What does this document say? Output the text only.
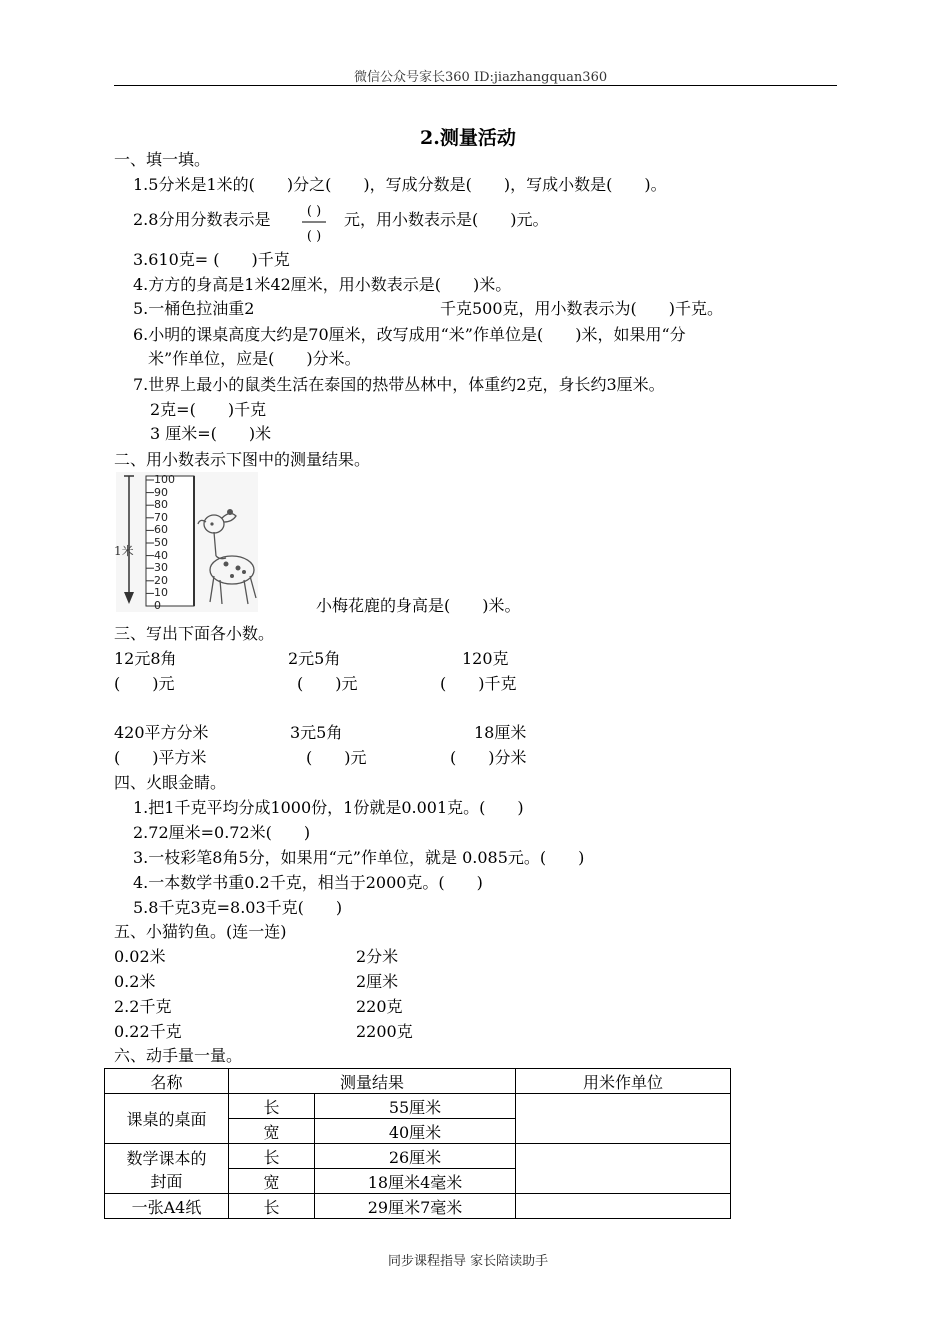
微信公众号家长360 ID:jiazhangquan360
2.测量活动
一、填一填。
1.5分米是1米的(　　)分之(　　)，写成分数是(　　)，写成小数是(　　)。
2.8分用分数表示是	( )
( )
元，用小数表示是(　　)元。
3.610克= (　　)千克
4.方方的身高是1米42厘米，用小数表示是(　　)米。
5.一桶色拉油重2	千克500克，用小数表示为(　　)千克。
6.小明的课桌高度大约是70厘米，改写成用“米”作单位是(　　)米，如果用“分
米”作单位，应是(　　)分米。
7.世界上最小的鼠类生活在泰国的热带丛林中，体重约2克，身长约3厘米。
2克=(　　)千克
3 厘米=(　　)米
二、用小数表示下图中的测量结果。
1米
100
90
80
70
60
50
40
30
20
10
0	小梅花鹿的身高是(　　)米。
三、写出下面各小数。
12元8角	2元5角	120克
(　　)元	(　　)元	(　　)千克
420平方分米	3元5角	18厘米
(　　)平方米	(　　)元	(　　)分米
四、火眼金睛。
1.把1千克平均分成1000份，1份就是0.001克。(　　)
2.72厘米=0.72米(　　)
3.一枝彩笔8角5分，如果用“元”作单位，就是 0.085元。(　　)
4.一本数学书重0.2千克，相当于2000克。(　　)
5.8千克3克=8.03千克(　　)
五、小猫钓鱼。(连一连)
0.02米
0.2米
2.2千克
0.22千克
2分米
2厘米
220克
2200克
六、动手量一量。
名称	测量结果		用米作单位
课桌的桌面	长	55厘米	
	宽	40厘米	

数学课本的
封面	长	26厘米	
	宽	18厘米4毫米	
一张A4纸	长	29厘米7毫米	
同步课程指导 家长陪读助手
